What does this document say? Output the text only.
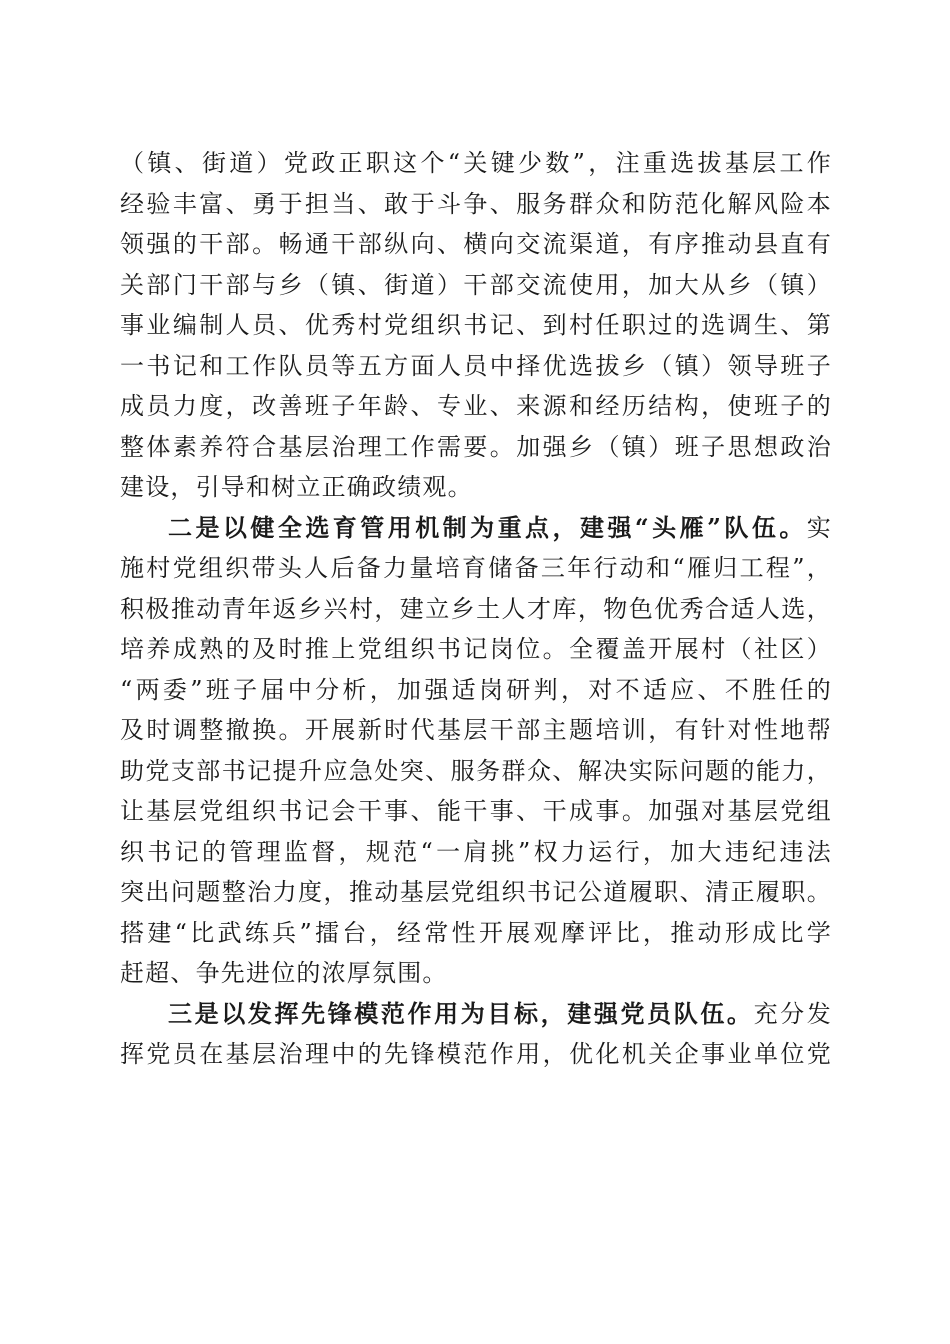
（镇、街道）党政正职这个“关键少数”，注重选拔基层工作
经验丰富、勇于担当、敢于斗争、服务群众和防范化解风险本
领强的干部。畅通干部纵向、横向交流渠道，有序推动县直有
关部门干部与乡（镇、街道）干部交流使用，加大从乡（镇）
事业编制人员、优秀村党组织书记、到村任职过的选调生、第
一书记和工作队员等五方面人员中择优选拔乡（镇）领导班子
成员力度，改善班子年龄、专业、来源和经历结构，使班子的
整体素养符合基层治理工作需要。加强乡（镇）班子思想政治
建设，引导和树立正确政绩观。
二是以健全选育管用机制为重点，建强“头雁”队伍。实
施村党组织带头人后备力量培育储备三年行动和“雁归工程”，
积极推动青年返乡兴村，建立乡土人才库，物色优秀合适人选，
培养成熟的及时推上党组织书记岗位。全覆盖开展村（社区）
“两委”班子届中分析，加强适岗研判，对不适应、不胜任的
及时调整撤换。开展新时代基层干部主题培训，有针对性地帮
助党支部书记提升应急处突、服务群众、解决实际问题的能力，
让基层党组织书记会干事、能干事、干成事。加强对基层党组
织书记的管理监督，规范“一肩挑”权力运行，加大违纪违法
突出问题整治力度，推动基层党组织书记公道履职、清正履职。
搭建“比武练兵”擂台，经常性开展观摩评比，推动形成比学
赶超、争先进位的浓厚氛围。
三是以发挥先锋模范作用为目标，建强党员队伍。充分发
挥党员在基层治理中的先锋模范作用，优化机关企事业单位党
